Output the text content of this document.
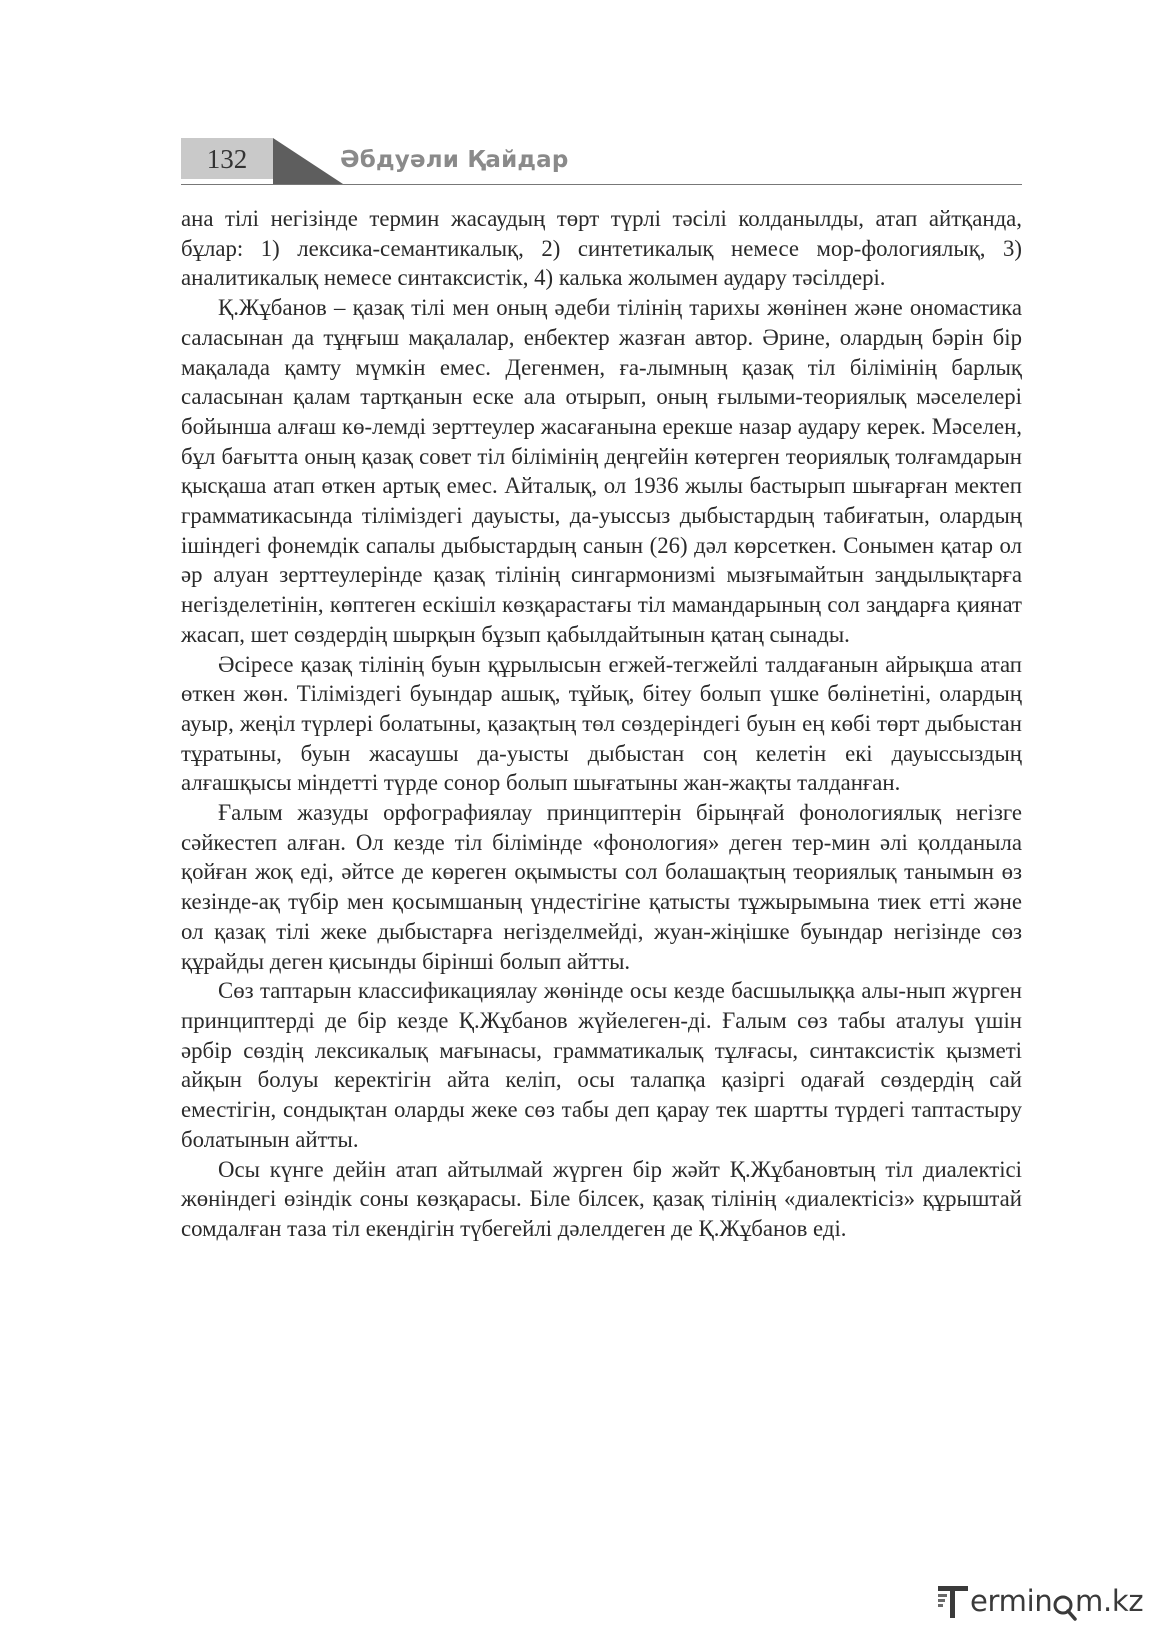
132	Әбдуәли Қайдар

ана тілі негізінде термин жасаудың төрт түрлі тәсілі колданылды, атап айтқанда, бұлар: 1) лексика-семантикалық, 2) синтетикалық немесе мор-фологиялық, 3) аналитикалық немесе синтаксистік, 4) калька жолымен аудару тәсілдері.

Қ.Жұбанов – қазақ тілі мен оның әдеби тілінің тарихы жөнінен және ономастика саласынан да тұңғыш мақалалар, енбектер жазған автор. Әрине, олардың бәрін бір мақалада қамту мүмкін емес. Дегенмен, ға-лымның қазақ тіл білімінің барлық саласынан қалам тартқанын еске ала отырып, оның ғылыми-теориялық мәселелері бойынша алғаш кө-лемді зерттеулер жасағанына ерекше назар аудару керек. Мәселен, бұл бағытта оның қазақ совет тіл білімінің деңгейін көтерген теориялық толғамдарын қысқаша атап өткен артық емес. Айталық, ол 1936 жылы бастырып шығарған мектеп грамматикасында тіліміздегі дауысты, да-уыссыз дыбыстардың табиғатын, олардың ішіндегі фонемдік сапалы дыбыстардың санын (26) дәл көрсеткен. Сонымен қатар ол әр алуан зерттеулерінде қазақ тілінің сингармонизмі мызғымайтын заңдылықтарға негізделетінін, көптеген ескішіл көзқарастағы тіл мамандарының сол заңдарға қиянат жасап, шет сөздердің шырқын бұзып қабылдайтынын қатаң сынады.

Әсіресе қазақ тілінің буын құрылысын егжей-тегжейлі талдағанын айрықша атап өткен жөн. Тіліміздегі буындар ашық, тұйық, бітеу болып үшке бөлінетіні, олардың ауыр, жеңіл түрлері болатыны, қазақтың төл сөздеріндегі буын ең көбі төрт дыбыстан тұратыны, буын жасаушы да-уысты дыбыстан соң келетін екі дауыссыздың алғашқысы міндетті түрде сонор болып шығатыны жан-жақты талданған.

Ғалым жазуды орфографиялау принциптерін бірыңғай фонологиялық негізге сәйкестеп алған. Ол кезде тіл білімінде «фонология» деген тер-мин әлі қолданыла қойған жоқ еді, әйтсе де көреген оқымысты сол болашақтың теориялық танымын өз кезінде-ақ түбір мен қосымшаның үндестігіне қатысты тұжырымына тиек етті және ол қазақ тілі жеке дыбыстарға негізделмейді, жуан-жіңішке буындар негізінде сөз құрайды деген қисынды бірінші болып айтты.

Сөз таптарын классификациялау жөнінде осы кезде басшылыққа алы-нып жүрген принциптерді де бір кезде Қ.Жұбанов жүйелеген-ді. Ғалым сөз табы аталуы үшін әрбір сөздің лексикалық мағынасы, грамматикалық тұлғасы, синтаксистік қызметі айқын болуы керектігін айта келіп, осы талапқа қазіргі одағай сөздердің сай еместігін, сондықтан оларды жеке сөз табы деп қарау тек шартты түрдегі таптастыру болатынын айтты.

Осы күнге дейін атап айтылмай жүрген бір жәйт Қ.Жұбановтың тіл диалектісі жөніндегі өзіндік соны көзқарасы. Біле білсек, қазақ тілінің «диалектісіз» құрыштай сомдалған таза тіл екендігін түбегейлі дәлелдеген де Қ.Жұбанов еді.

ermin m.kz
